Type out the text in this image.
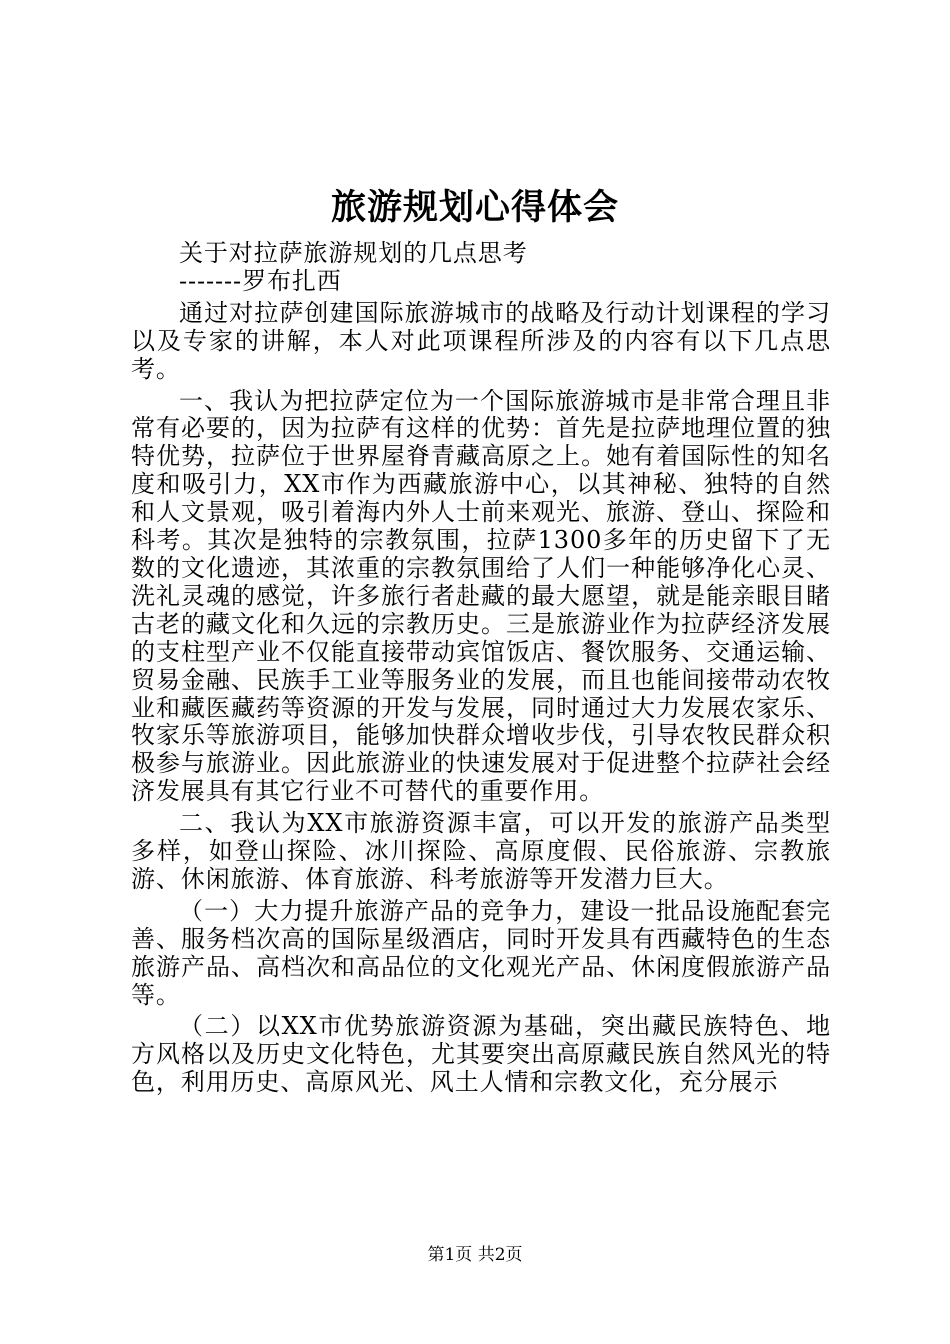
旅游规划心得体会

关于对拉萨旅游规划的几点思考

-------罗布扎西

通过对拉萨创建国际旅游城市的战略及行动计划课程的学习以及专家的讲解，本人对此项课程所涉及的内容有以下几点思考。

一、我认为把拉萨定位为一个国际旅游城市是非常合理且非常有必要的，因为拉萨有这样的优势：首先是拉萨地理位置的独特优势，拉萨位于世界屋脊青藏高原之上。她有着国际性的知名度和吸引力，XX市作为西藏旅游中心，以其神秘、独特的自然和人文景观，吸引着海内外人士前来观光、旅游、登山、探险和科考。其次是独特的宗教氛围，拉萨1300多年的历史留下了无数的文化遗迹，其浓重的宗教氛围给了人们一种能够净化心灵、洗礼灵魂的感觉，许多旅行者赴藏的最大愿望，就是能亲眼目睹古老的藏文化和久远的宗教历史。三是旅游业作为拉萨经济发展的支柱型产业不仅能直接带动宾馆饭店、餐饮服务、交通运输、贸易金融、民族手工业等服务业的发展，而且也能间接带动农牧业和藏医藏药等资源的开发与发展，同时通过大力发展农家乐、牧家乐等旅游项目，能够加快群众增收步伐，引导农牧民群众积极参与旅游业。因此旅游业的快速发展对于促进整个拉萨社会经济发展具有其它行业不可替代的重要作用。

二、我认为XX市旅游资源丰富，可以开发的旅游产品类型多样，如登山探险、冰川探险、高原度假、民俗旅游、宗教旅游、休闲旅游、体育旅游、科考旅游等开发潜力巨大。

（一）大力提升旅游产品的竞争力，建设一批品设施配套完善、服务档次高的国际星级酒店，同时开发具有西藏特色的生态旅游产品、高档次和高品位的文化观光产品、休闲度假旅游产品等。

（二）以XX市优势旅游资源为基础，突出藏民族特色、地方风格以及历史文化特色，尤其要突出高原藏民族自然风光的特色，利用历史、高原风光、风土人情和宗教文化，充分展示

第1页 共2页
